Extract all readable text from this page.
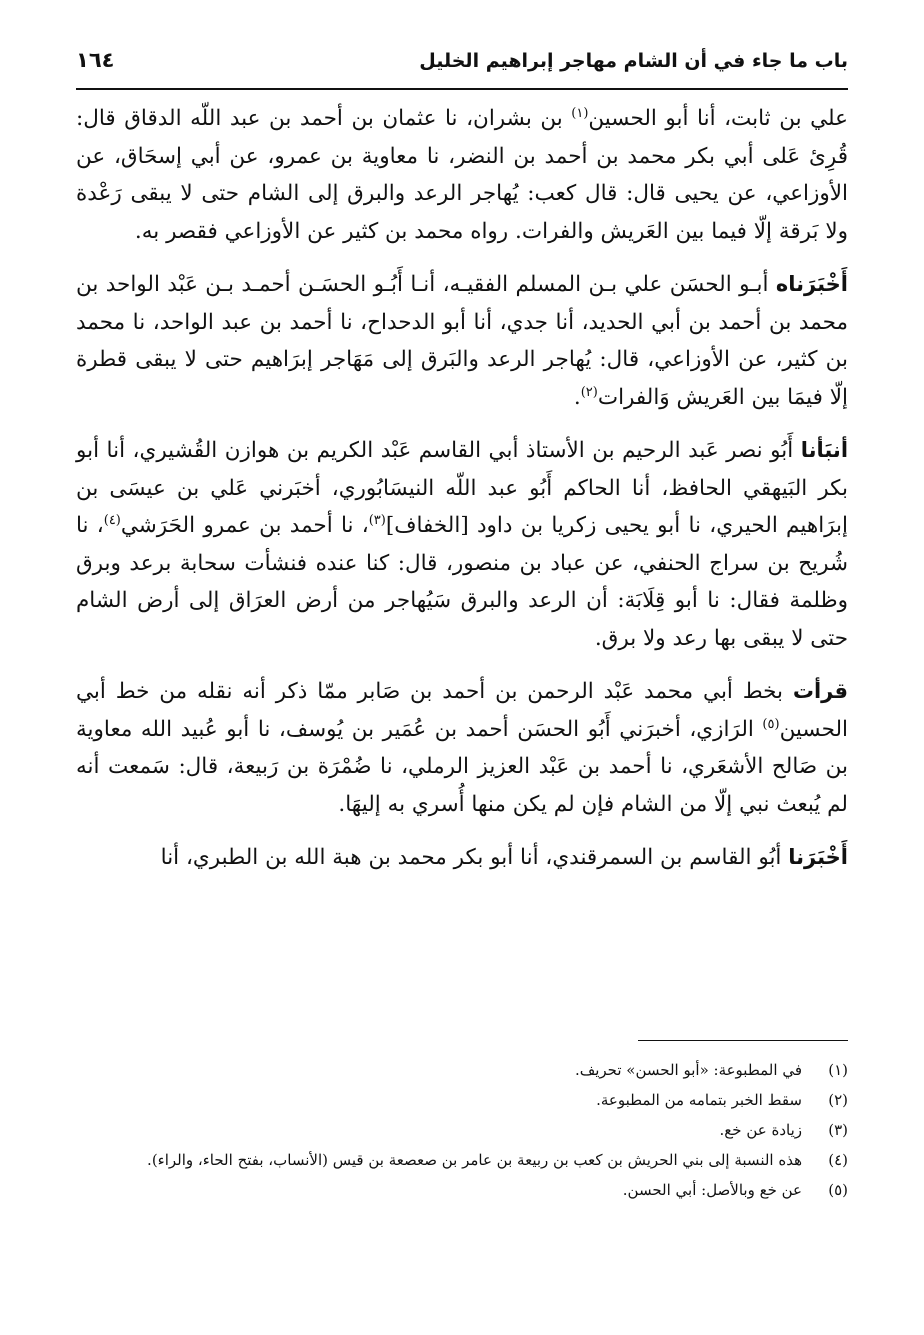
باب ما جاء في أن الشام مهاجر إبراهيم الخليل
١٦٤

علي بن ثابت، أنا أبو الحسين$^{(١)}$ بن بشران، نا عثمان بن أحمد بن عبد اللّه الدقاق قال: قُرِئ عَلى أبي بكر محمد بن أحمد بن النضر، نا معاوية بن عمرو، عن أبي إسحَاق، عن الأوزاعي، عن يحيى قال: قال كعب: يُهاجر الرعد والبرق إلى الشام حتى لا يبقى رَعْدة ولا بَرقة إلّا فيما بين العَريش والفرات. رواه محمد بن كثير عن الأوزاعي فقصر به.

أَخْبَرَناه أبـو الحسَن علي بـن المسلم الفقيـه، أنـا أَبُـو الحسَـن أحمـد بـن عَبْد الواحد بن محمد بن أحمد بن أبي الحديد، أنا جدي، أنا أبو الدحداح، نا أحمد بن عبد الواحد، نا محمد بن كثير، عن الأوزاعي، قال: يُهاجر الرعد والبَرق إلى مَهَاجر إبرَاهيم حتى لا يبقى قطرة إلّا فيمَا بين العَريش وَالفرات$^{(٢)}$.

أنبَأنا أَبُو نصر عَبد الرحيم بن الأستاذ أبي القاسم عَبْد الكريم بن هوازن القُشيري، أنا أبو بكر البَيهقي الحافظ، أنا الحاكم أَبُو عبد اللّه النيسَابُوري، أخبَرني عَلي بن عيسَى بن إبرَاهيم الحيري، نا أبو يحيى زكريا بن داود [الخفاف]$^{(٣)}$، نا أحمد بن عمرو الحَرَشي$^{(٤)}$، نا شُريح بن سراج الحنفي، عن عباد بن منصور، قال: كنا عنده فنشأت سحابة برعد وبرق وظلمة فقال: نا أبو قِلَابَة: أن الرعد والبرق سَيُهاجر من أرض العرَاق إلى أرض الشام حتى لا يبقى بها رعد ولا برق.

قرأت بخط أبي محمد عَبْد الرحمن بن أحمد بن صَابر ممّا ذكر أنه نقله من خط أبي الحسين$^{(٥)}$ الرَازي، أخبرَني أَبُو الحسَن أحمد بن عُمَير بن يُوسف، نا أبو عُبيد الله معاوية بن صَالح الأشعَري، نا أحمد بن عَبْد العزيز الرملي، نا ضُمْرَة بن رَبيعة، قال: سَمعت أنه لم يُبعث نبي إلّا من الشام فإن لم يكن منها أُسري به إليهَا.

أَخْبَرَنا أبُو القاسم بن السمرقندي، أنا أبو بكر محمد بن هبة الله بن الطبري، أنا

(١)
في المطبوعة: «أبو الحسن» تحريف.
(٢)
سقط الخبر بتمامه من المطبوعة.
(٣)
زيادة عن خع.
(٤)
هذه النسبة إلى بني الحريش بن كعب بن ربيعة بن عامر بن صعصعة بن قيس (الأنساب، بفتح الحاء، والراء).
(٥)
عن خع وبالأصل: أبي الحسن.
